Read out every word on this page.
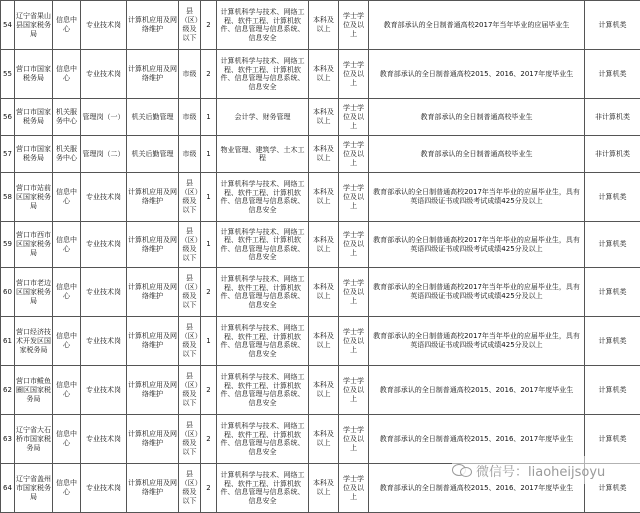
54	辽宁省果山县国家税务局	信息中心	专业技术岗	计算机应用及网络维护	县（区）级及以下	2	计算机科学与技术、网络工程、软件工程、计算机软件、信息管理与信息系统、信息安全	本科及以上	学士学位及以上	教育部承认的全日制普通高校2017年当年毕业的应届毕业生	计算机类
55	营口市国家税务局	信息中心	专业技术岗	计算机应用及网络维护	市级	2	计算机科学与技术、网络工程、软件工程、计算机软件、信息管理与信息系统、信息安全	本科及以上	学士学位及以上	教育部承认的全日制普通高校2015、2016、2017年度毕业生	计算机类
56	营口市国家税务局	机关服务中心	管理岗（一）	机关后勤管理	市级	1	会计学、财务管理	本科及以上	学士学位及以上	教育部承认的全日制普通高校毕业生	非计算机类
57	营口市国家税务局	机关服务中心	管理岗（二）	机关后勤管理	市级	1	物业管理、建筑学、土木工程	本科及以上	学士学位及以上	教育部承认的全日制普通高校毕业生	非计算机类
58	营口市站前区国家税务局	信息中心	专业技术岗	计算机应用及网络维护	县（区）级及以下	1	计算机科学与技术、网络工程、软件工程、计算机软件、信息管理与信息系统、信息安全	本科及以上	学士学位及以上	教育部承认的全日制普通高校2017年当年毕业的应届毕业生，具有英语四级证书或四级考试成绩425分及以上	计算机类
59	营口市西市区国家税务局	信息中心	专业技术岗	计算机应用及网络维护	县（区）级及以下	1	计算机科学与技术、网络工程、软件工程、计算机软件、信息管理与信息系统、信息安全	本科及以上	学士学位及以上	教育部承认的全日制普通高校2017年当年毕业的应届毕业生，具有英语四级证书或四级考试成绩425分及以上	计算机类
60	营口市老边区国家税务局	信息中心	专业技术岗	计算机应用及网络维护	县（区）级及以下	2	计算机科学与技术、网络工程、软件工程、计算机软件、信息管理与信息系统、信息安全	本科及以上	学士学位及以上	教育部承认的全日制普通高校2017年当年毕业的应届毕业生，具有英语四级证书或四级考试成绩425分及以上	计算机类
61	营口经济技术开发区国家税务局	信息中心	专业技术岗	计算机应用及网络维护	县（区）级及以下	1	计算机科学与技术、网络工程、软件工程、计算机软件、信息管理与信息系统、信息安全	本科及以上	学士学位及以上	教育部承认的全日制普通高校2017年当年毕业的应届毕业生，具有英语四级证书或四级考试成绩425分及以上	计算机类
62	营口市鲅鱼圈区国家税务局	信息中心	专业技术岗	计算机应用及网络维护	县（区）级及以下	2	计算机科学与技术、网络工程、软件工程、计算机软件、信息管理与信息系统、信息安全	本科及以上	学士学位及以上	教育部承认的全日制普通高校2015、2016、2017年度毕业生	计算机类
63	辽宁省大石桥市国家税务局	信息中心	专业技术岗	计算机应用及网络维护	县（区）级及以下	2	计算机科学与技术、网络工程、软件工程、计算机软件、信息管理与信息系统、信息安全	本科及以上	学士学位及以上	教育部承认的全日制普通高校2015、2016、2017年度毕业生	计算机类
64	辽宁省盖州市国家税务局	信息中心	专业技术岗	计算机应用及网络维护	县（区）级及以下	2	计算机科学与技术、网络工程、软件工程、计算机软件、信息管理与信息系统、信息安全	本科及以上	学士学位及以上	教育部承认的全日制普通高校2015、2016、2017年度毕业生	计算机类
微信号：liaoheijsoyu
